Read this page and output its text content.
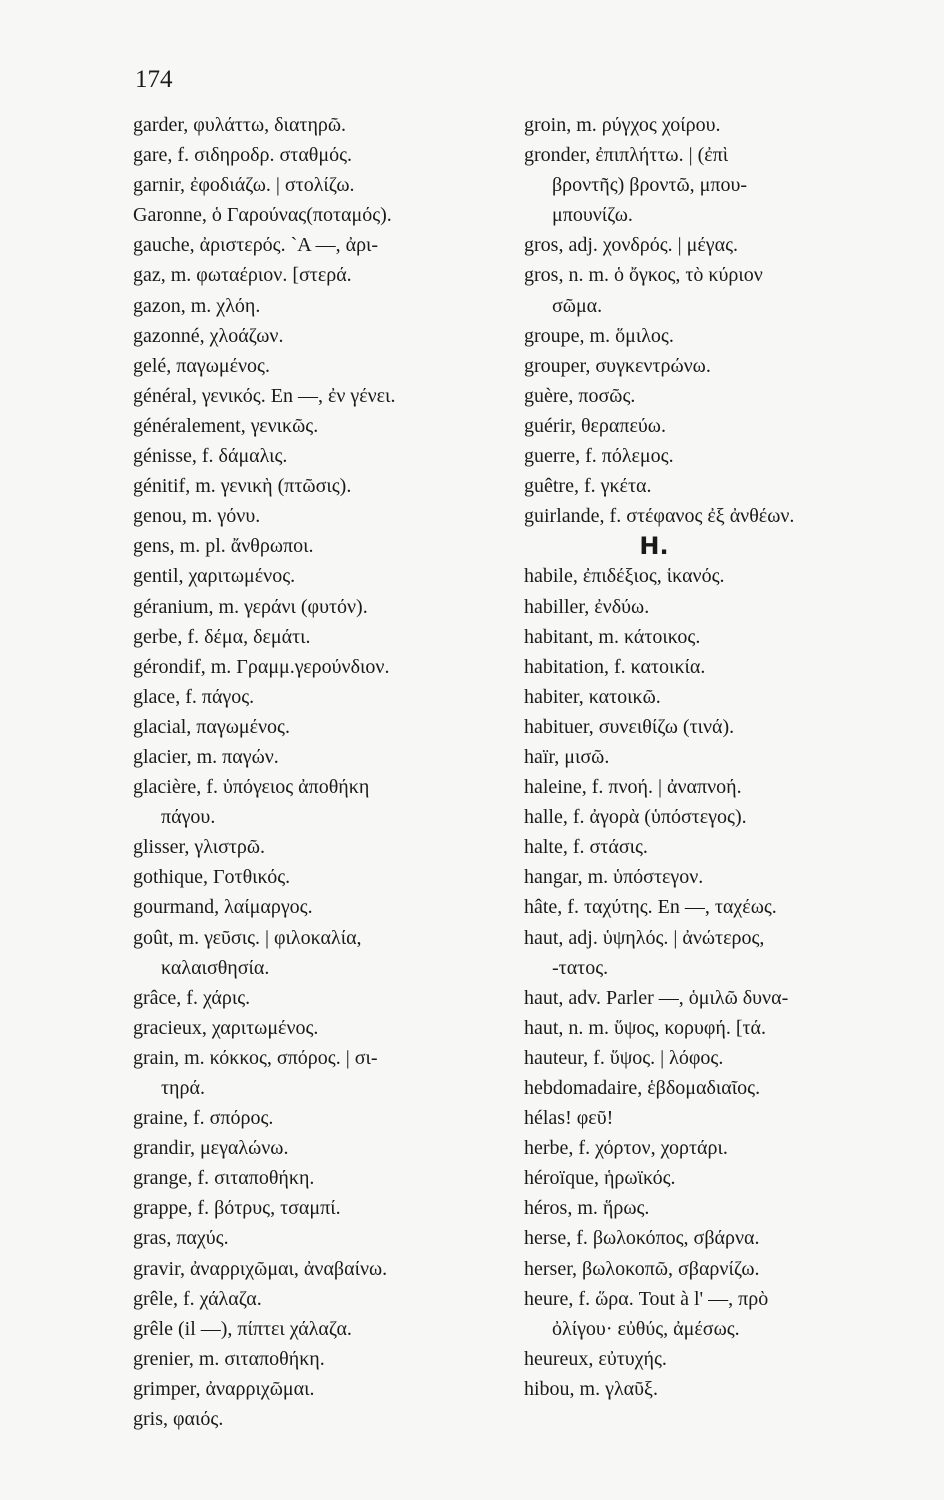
174
garder, φυλάττω, διατηρῶ.
gare, f. σιδηροδρ. σταθμός.
garnir, ἐφοδιάζω. | στολίζω.
Garonne, ὁ Γαρούνας(ποταμός).
gauche, ἀριστερός. `A —, ἀρι-
gaz, m. φωταέριον. [στερά.
gazon, m. χλόη.
gazonné, χλοάζων.
gelé, παγωμένος.
général, γενικός. En —, ἐν γένει.
généralement, γενικῶς.
génisse, f. δάμαλις.
génitif, m. γενικὴ (πτῶσις).
genou, m. γόνυ.
gens, m. pl. ἄνθρωποι.
gentil, χαριτωμένος.
géranium, m. γεράνι (φυτόν).
gerbe, f. δέμα, δεμάτι.
gérondif, m. Γραμμ.γερούνδιον.
glace, f. πάγος.
glacial, παγωμένος.
glacier, m. παγών.
glacière, f. ὑπόγειος ἀποθήκη
πάγου.
glisser, γλιστρῶ.
gothique, Γοτθικός.
gourmand, λαίμαργος.
goût, m. γεῦσις. | φιλοκαλία,
καλαισθησία.
grâce, f. χάρις.
gracieux, χαριτωμένος.
grain, m. κόκκος, σπόρος. | σι-
τηρά.
graine, f. σπόρος.
grandir, μεγαλώνω.
grange, f. σιταποθήκη.
grappe, f. βότρυς, τσαμπί.
gras, παχύς.
gravir, ἀναρριχῶμαι, ἀναβαίνω.
grêle, f. χάλαζα.
grêle (il —), πίπτει χάλαζα.
grenier, m. σιταποθήκη.
grimper, ἀναρριχῶμαι.
gris, φαιός.
groin, m. ρύγχος χοίρου.
gronder, ἐπιπλήττω. | (ἐπὶ
βροντῆς) βροντῶ, μπου-
μπουνίζω.
gros, adj. χονδρός. | μέγας.
gros, n. m. ὁ ὄγκος, τὸ κύριον
σῶμα.
groupe, m. ὅμιλος.
grouper, συγκεντρώνω.
guère, ποσῶς.
guérir, θεραπεύω.
guerre, f. πόλεμος.
guêtre, f. γκέτα.
guirlande, f. στέφανος ἐξ ἀνθέων.
H.
habile, ἐπιδέξιος, ἱκανός.
habiller, ἐνδύω.
habitant, m. κάτοικος.
habitation, f. κατοικία.
habiter, κατοικῶ.
habituer, συνειθίζω (τινά).
haïr, μισῶ.
haleine, f. πνοή. | ἀναπνοή.
halle, f. ἀγορὰ (ὑπόστεγος).
halte, f. στάσις.
hangar, m. ὑπόστεγον.
hâte, f. ταχύτης. En —, ταχέως.
haut, adj. ὑψηλός. | ἀνώτερος,
-τατος.
haut, adv. Parler —, ὁμιλῶ δυνα-
haut, n. m. ὕψος, κορυφή. [τά.
hauteur, f. ὕψος. | λόφος.
hebdomadaire, ἑβδομαδιαῖος.
hélas! φεῦ!
herbe, f. χόρτον, χορτάρι.
héroïque, ἡρωϊκός.
héros, m. ἥρως.
herse, f. βωλοκόπος, σβάρνα.
herser, βωλοκοπῶ, σβαρνίζω.
heure, f. ὥρα. Tout à l' —, πρὸ
ὀλίγου· εὐθύς, ἀμέσως.
heureux, εὐτυχής.
hibou, m. γλαῦξ.
